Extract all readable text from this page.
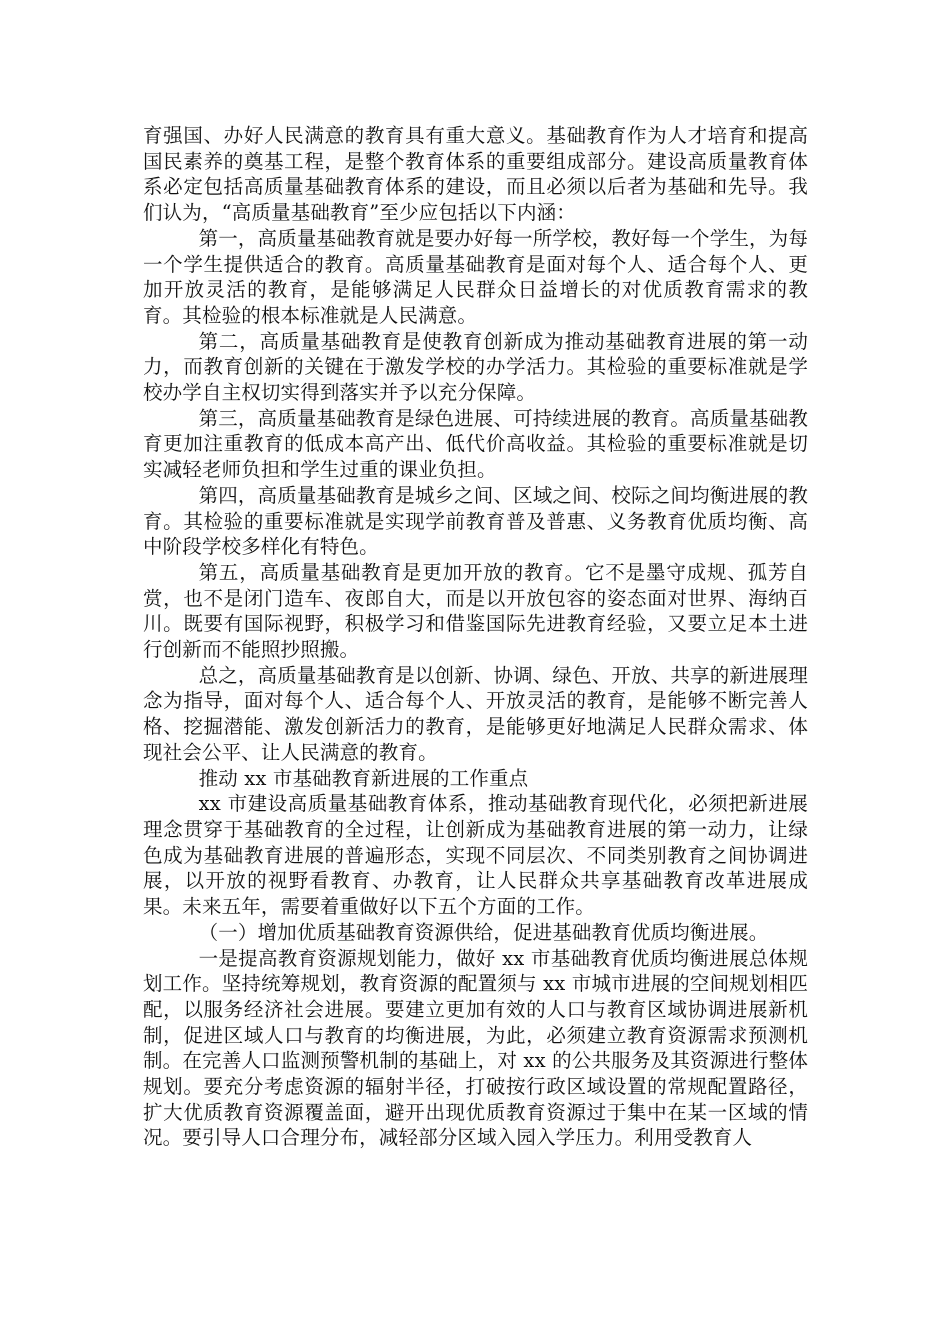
育强国、办好人民满意的教育具有重大意义。基础教育作为人才培育和提高国民素养的奠基工程，是整个教育体系的重要组成部分。建设高质量教育体系必定包括高质量基础教育体系的建设，而且必须以后者为基础和先导。我们认为，“高质量基础教育”至少应包括以下内涵：

第一，高质量基础教育就是要办好每一所学校，教好每一个学生，为每一个学生提供适合的教育。高质量基础教育是面对每个人、适合每个人、更加开放灵活的教育，是能够满足人民群众日益增长的对优质教育需求的教育。其检验的根本标准就是人民满意。

第二，高质量基础教育是使教育创新成为推动基础教育进展的第一动力，而教育创新的关键在于激发学校的办学活力。其检验的重要标准就是学校办学自主权切实得到落实并予以充分保障。

第三，高质量基础教育是绿色进展、可持续进展的教育。高质量基础教育更加注重教育的低成本高产出、低代价高收益。其检验的重要标准就是切实减轻老师负担和学生过重的课业负担。

第四，高质量基础教育是城乡之间、区域之间、校际之间均衡进展的教育。其检验的重要标准就是实现学前教育普及普惠、义务教育优质均衡、高中阶段学校多样化有特色。

第五，高质量基础教育是更加开放的教育。它不是墨守成规、孤芳自赏，也不是闭门造车、夜郎自大，而是以开放包容的姿态面对世界、海纳百川。既要有国际视野，积极学习和借鉴国际先进教育经验，又要立足本土进行创新而不能照抄照搬。

总之，高质量基础教育是以创新、协调、绿色、开放、共享的新进展理念为指导，面对每个人、适合每个人、开放灵活的教育，是能够不断完善人格、挖掘潜能、激发创新活力的教育，是能够更好地满足人民群众需求、体现社会公平、让人民满意的教育。

推动 xx 市基础教育新进展的工作重点

xx 市建设高质量基础教育体系，推动基础教育现代化，必须把新进展理念贯穿于基础教育的全过程，让创新成为基础教育进展的第一动力，让绿色成为基础教育进展的普遍形态，实现不同层次、不同类别教育之间协调进展，以开放的视野看教育、办教育，让人民群众共享基础教育改革进展成果。未来五年，需要着重做好以下五个方面的工作。

（一）增加优质基础教育资源供给，促进基础教育优质均衡进展。

一是提高教育资源规划能力，做好 xx 市基础教育优质均衡进展总体规划工作。坚持统筹规划，教育资源的配置须与 xx 市城市进展的空间规划相匹配，以服务经济社会进展。要建立更加有效的人口与教育区域协调进展新机制，促进区域人口与教育的均衡进展，为此，必须建立教育资源需求预测机制。在完善人口监测预警机制的基础上，对 xx 的公共服务及其资源进行整体规划。要充分考虑资源的辐射半径，打破按行政区域设置的常规配置路径，扩大优质教育资源覆盖面，避开出现优质教育资源过于集中在某一区域的情况。要引导人口合理分布，减轻部分区域入园入学压力。利用受教育人
